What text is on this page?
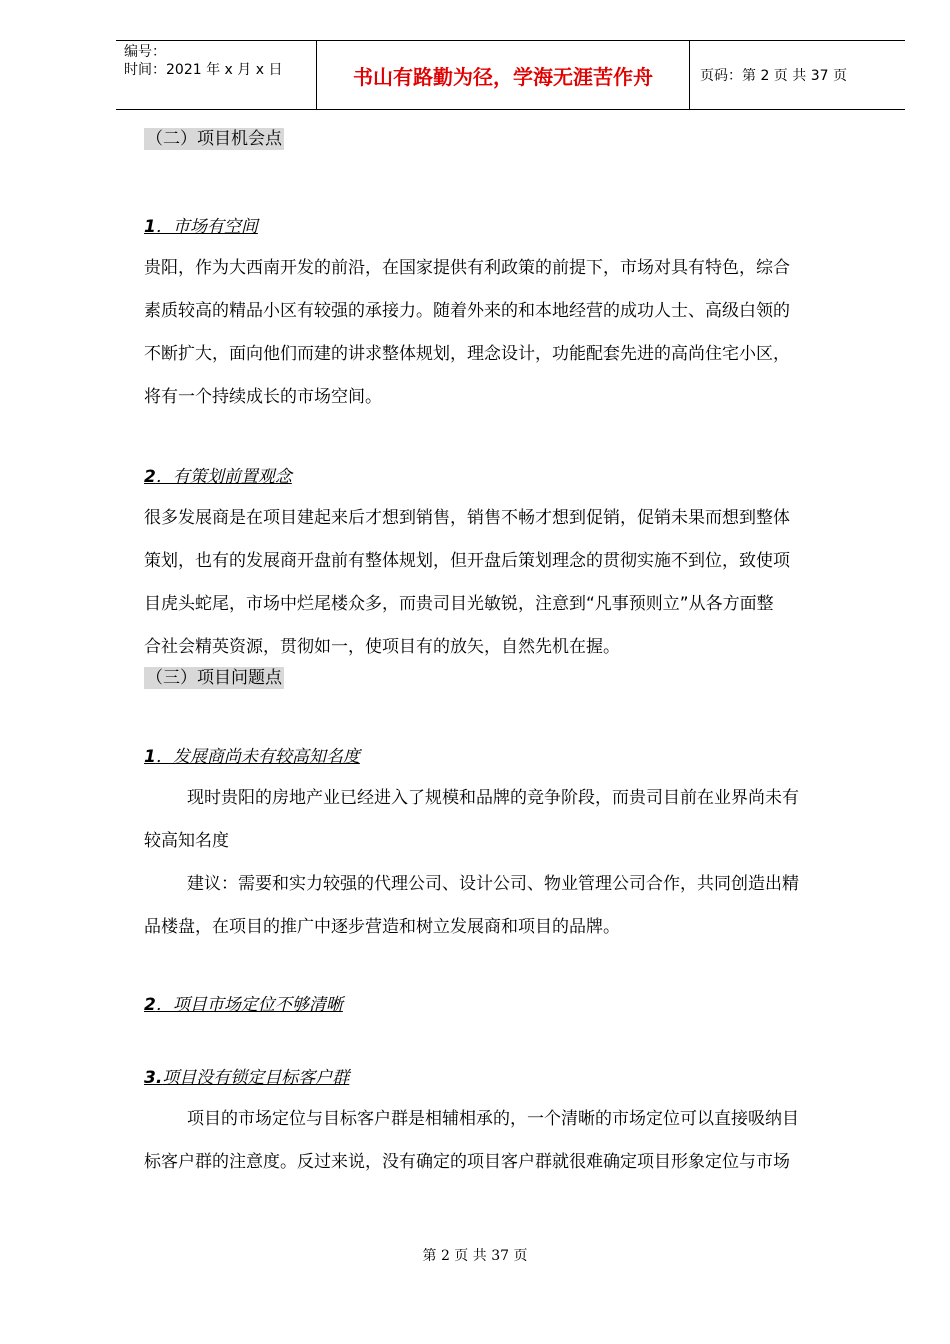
编号：
时间：2021 年 x 月 x 日	书山有路勤为径，学海无涯苦作舟	页码：第 2 页 共 37 页
（二）项目机会点
1．市场有空间

贵阳，作为大西南开发的前沿，在国家提供有利政策的前提下，市场对具有特色，综合

素质较高的精品小区有较强的承接力。随着外来的和本地经营的成功人士、高级白领的

不断扩大，面向他们而建的讲求整体规划，理念设计，功能配套先进的高尚住宅小区，

将有一个持续成长的市场空间。

2．有策划前置观念

很多发展商是在项目建起来后才想到销售，销售不畅才想到促销，促销未果而想到整体

策划，也有的发展商开盘前有整体规划，但开盘后策划理念的贯彻实施不到位，致使项

目虎头蛇尾，市场中烂尾楼众多，而贵司目光敏锐，注意到“凡事预则立”从各方面整

合社会精英资源，贯彻如一，使项目有的放矢，自然先机在握。

（三）项目问题点
1．发展商尚未有较高知名度

现时贵阳的房地产业已经进入了规模和品牌的竞争阶段，而贵司目前在业界尚未有

较高知名度

建议：需要和实力较强的代理公司、设计公司、物业管理公司合作，共同创造出精

品楼盘，在项目的推广中逐步营造和树立发展商和项目的品牌。

2．项目市场定位不够清晰
3.项目没有锁定目标客户群

项目的市场定位与目标客户群是相辅相承的，一个清晰的市场定位可以直接吸纳目

标客户群的注意度。反过来说，没有确定的项目客户群就很难确定项目形象定位与市场

第 2 页 共 37 页
